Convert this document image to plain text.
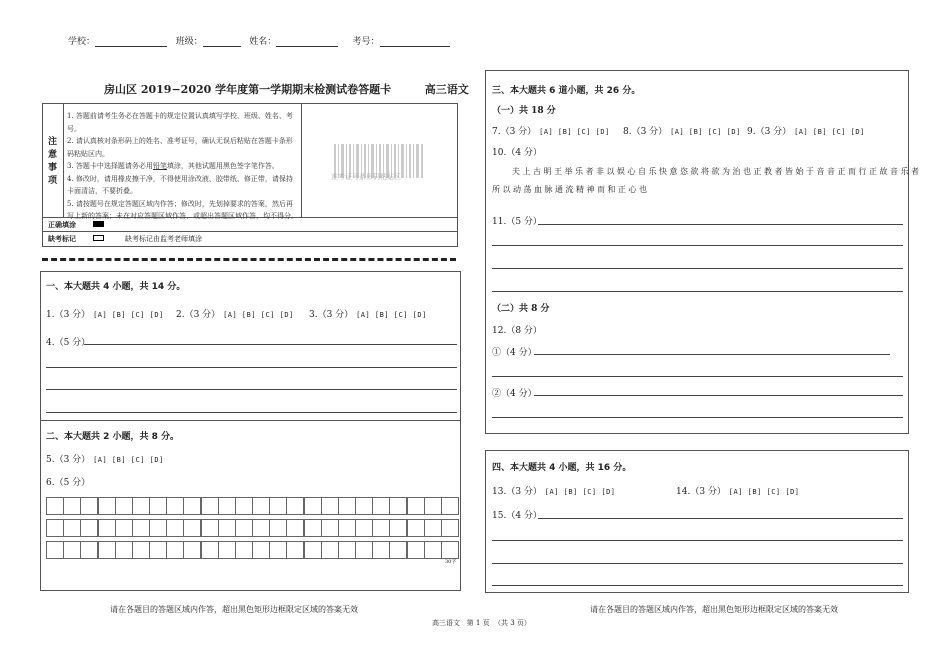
学校：	班级：	姓名：	考号：
房山区 2019−2020 学年度第一学期期末检测试卷答题卡	高三语文
注
意
事
项
1. 答题前请考生务必在答题卡的规定位置认真填写学校、班级、姓名、考号。
2. 请认真核对条形码上的姓名、准考证号，确认无误后粘贴在答题卡条形码粘贴区内。
3. 答题卡中选择题请务必用铅笔填涂，其他试题用黑色签字笔作答。
4. 修改时，请用橡皮擦干净，不得使用涂改液、胶带纸、修正带，请保持卡面清洁，不要折叠。
5. 请按题号在规定答题区域内作答；修改时，先划掉要求的答案，然后再写上新的答案；未在对应答题区域作答、或超出答题区域作答，均不得分。
准考证号条形码粘贴区
正确填涂
缺考标记	缺考标记由监考老师填涂
一、本大题共 4 小题，共 14 分。
1.（3 分） [A] [B] [C] [D] 2.（3 分） [A] [B] [C] [D] 3.（3 分） [A] [B] [C] [D]
4.（5 分）
二、本大题共 2 小题，共 8 分。
5.（3 分） [A] [B] [C] [D]
6.（5 分）
30字
三、本大题共 6 道小题，共 26 分。
（一）共 18 分
7.（3 分） [A] [B] [C] [D] 8.（3 分） [A] [B] [C] [D] 9.（3 分） [A] [B] [C] [D]
10.（4 分）
夫上古明王举乐者非以娱心自乐快意恣欲将欲为治也正教者皆始于音音正而行正故音乐者
所以动荡血脉通流精神而和正心也
11.（5 分）
（二）共 8 分
12.（8 分）
①（4 分）
②（4 分）
四、本大题共 4 小题，共 16 分。
13.（3 分） [A] [B] [C] [D]	14.（3 分） [A] [B] [C] [D]
15.（4 分）
请在各题目的答题区域内作答，超出黑色矩形边框限定区域的答案无效	请在各题目的答题区域内作答，超出黑色矩形边框限定区域的答案无效
高三语文   第 1 页  （共 3 页）
